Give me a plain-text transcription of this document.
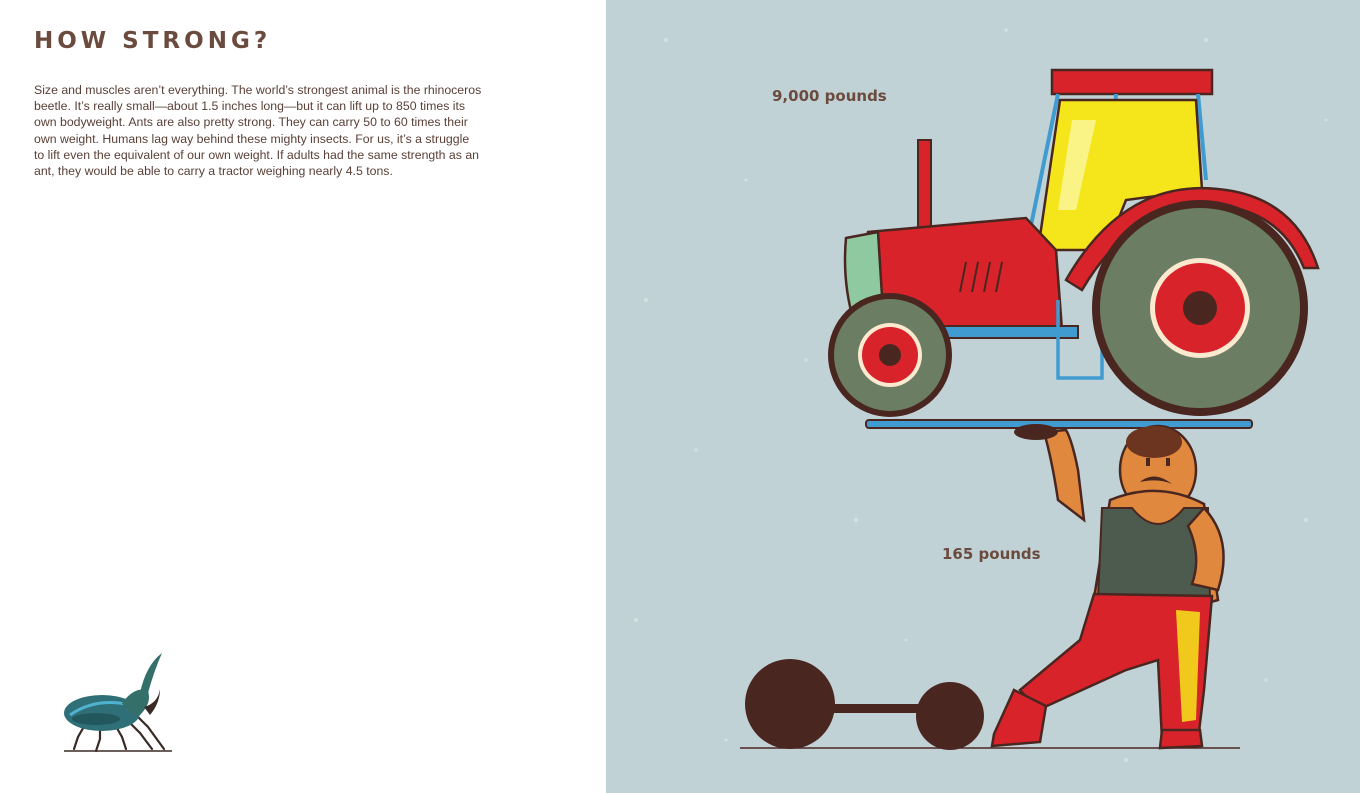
HOW STRONG?

Size and muscles aren’t everything. The world’s strongest animal is the rhinoceros beetle. It’s really small—about 1.5 inches long—but it can lift up to 850 times its own bodyweight. Ants are also pretty strong. They can carry 50 to 60 times their own weight. Humans lag way behind these mighty insects. For us, it’s a struggle to lift even the equivalent of our own weight. If adults had the same strength as an ant, they would be able to carry a tractor weighing nearly 4.5 tons.

9,000 pounds
165 pounds
